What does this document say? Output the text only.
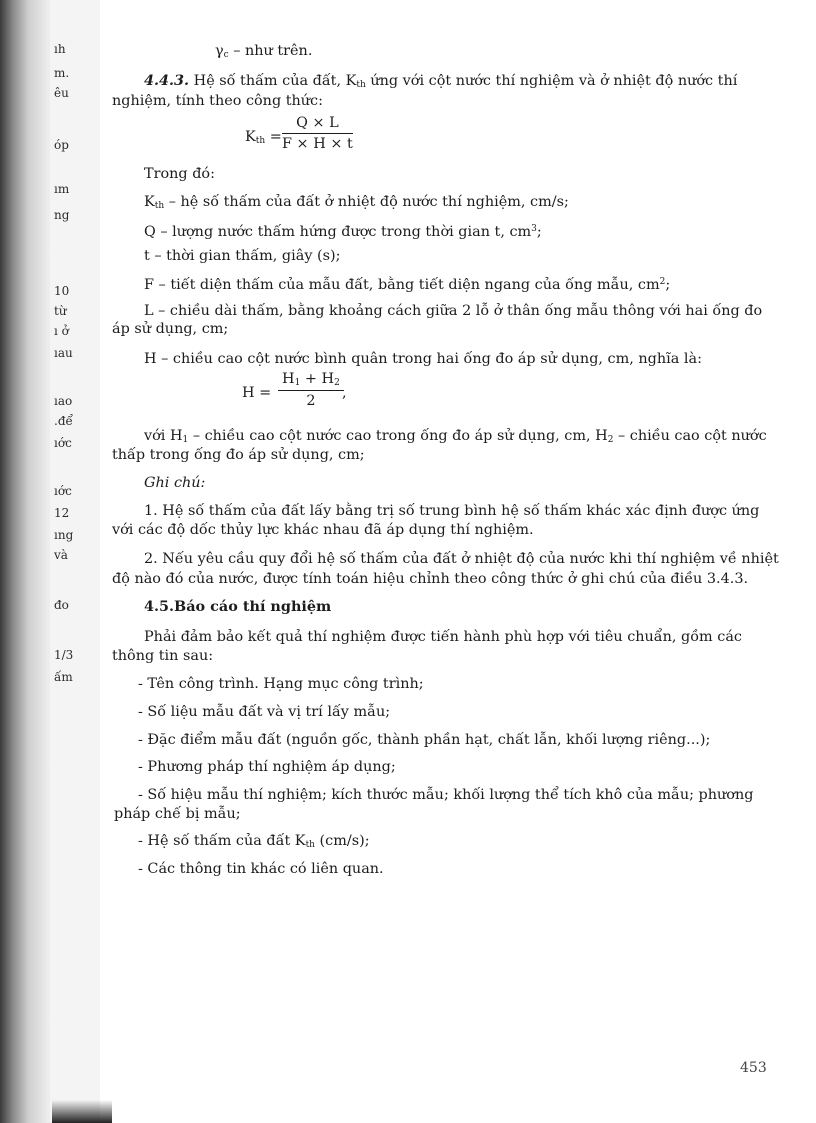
ıh
m.
êu
óp
ım
ng
10
từ
ı ở
ıau
ıao
.để
ıớc
ıớc
12
ıng
và
đo
1/3
ấm
$\gamma_c$ – như trên.
4.4.3. Hệ số thấm của đất, $K_{th}$ ứng với cột nước thí nghiệm và ở nhiệt độ nước thí
nghiệm, tính theo công thức:
$K_{th} = \frac{Q \times L}{F \times H \times t}$
Trong đó:
$K_{th}$ – hệ số thấm của đất ở nhiệt độ nước thí nghiệm, cm/s;
Q – lượng nước thấm hứng được trong thời gian t, $cm^3$;
t – thời gian thấm, giây (s);
F – tiết diện thấm của mẫu đất, bằng tiết diện ngang của ống mẫu, $cm^2$;
L – chiều dài thấm, bằng khoảng cách giữa 2 lỗ ở thân ống mẫu thông với hai ống đo
áp sử dụng, cm;
H – chiều cao cột nước bình quân trong hai ống đo áp sử dụng, cm, nghĩa là:
$H = \frac{H_1 + H_2}{2}$
,
với $H_1$ – chiều cao cột nước cao trong ống đo áp sử dụng, cm, $H_2$ – chiều cao cột nước
thấp trong ống đo áp sử dụng, cm;
Ghi chú:
1. Hệ số thấm của đất lấy bằng trị số trung bình hệ số thấm khác xác định được ứng
với các độ dốc thủy lực khác nhau đã áp dụng thí nghiệm.
2. Nếu yêu cầu quy đổi hệ số thấm của đất ở nhiệt độ của nước khi thí nghiệm về nhiệt
độ nào đó của nước, được tính toán hiệu chỉnh theo công thức ở ghi chú của điều 3.4.3.
4.5.Báo cáo thí nghiệm
Phải đảm bảo kết quả thí nghiệm được tiến hành phù hợp với tiêu chuẩn, gồm các
thông tin sau:
- Tên công trình. Hạng mục công trình;
- Số liệu mẫu đất và vị trí lấy mẫu;
- Đặc điểm mẫu đất (nguồn gốc, thành phần hạt, chất lẫn, khối lượng riêng...);
- Phương pháp thí nghiệm áp dụng;
- Số hiệu mẫu thí nghiệm; kích thước mẫu; khối lượng thể tích khô của mẫu; phương
pháp chế bị mẫu;
- Hệ số thấm của đất $K_{th}$ (cm/s);
- Các thông tin khác có liên quan.
453
